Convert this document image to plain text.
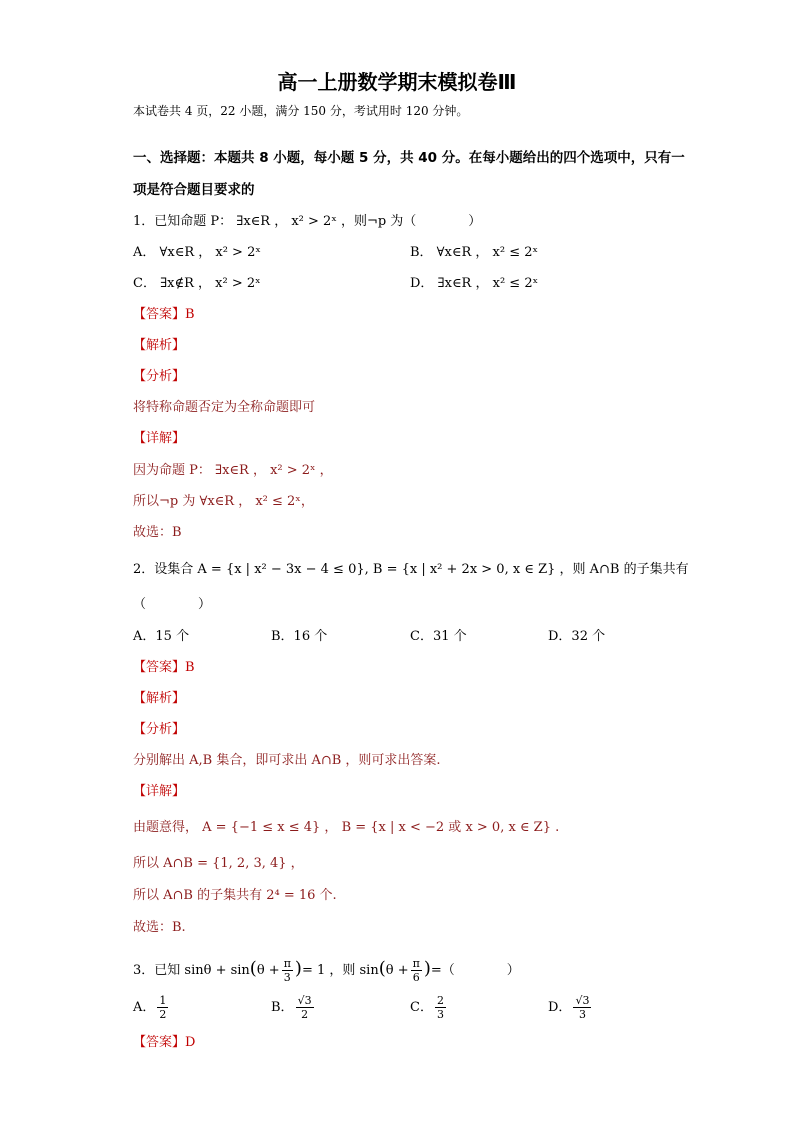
高一上册数学期末模拟卷Ⅲ
本试卷共 4 页，22 小题，满分 150 分，考试用时 120 分钟。
一、选择题：本题共 8 小题，每小题 5 分，共 40 分。在每小题给出的四个选项中，只有一
项是符合题目要求的
1．已知命题 P： ∃x∈R ， x² > 2ˣ ，则¬p 为（　　　　）
A． ∀x∈R ， x² > 2ˣ	B． ∀x∈R ， x² ≤ 2ˣ
C． ∃x∉R ， x² > 2ˣ	D． ∃x∈R ， x² ≤ 2ˣ
【答案】B
【解析】
【分析】
将特称命题否定为全称命题即可
【详解】
因为命题 P： ∃x∈R ， x² > 2ˣ ，
所以¬p 为 ∀x∈R ， x² ≤ 2ˣ，
故选：B
2．设集合 A = {x | x² − 3x − 4 ≤ 0}, B = {x | x² + 2x > 0, x ∈ Z} ，则 A∩B 的子集共有
（　　　　）
A．15 个	B．16 个	C．31 个	D．32 个
【答案】B
【解析】
【分析】
分别解出 A,B 集合，即可求出 A∩B ，则可求出答案.
【详解】
由题意得， A = {−1 ≤ x ≤ 4} ， B = {x | x < −2 或 x > 0, x ∈ Z} .
所以 A∩B = {1, 2, 3, 4} ，
所以 A∩B 的子集共有 2⁴ = 16 个.
故选：B.
3．已知 $\sin\theta + \sin(\theta + \frac{\pi}{3}$ )= 1 ，则 $\sin(\theta + \frac{\pi}{6}$ )=（　　　　）
A． $\frac{1}{2}$	B． $\frac{√3}{2}$	C． $\frac{2}{3}$	D． $\frac{√3}{3}$
【答案】D
